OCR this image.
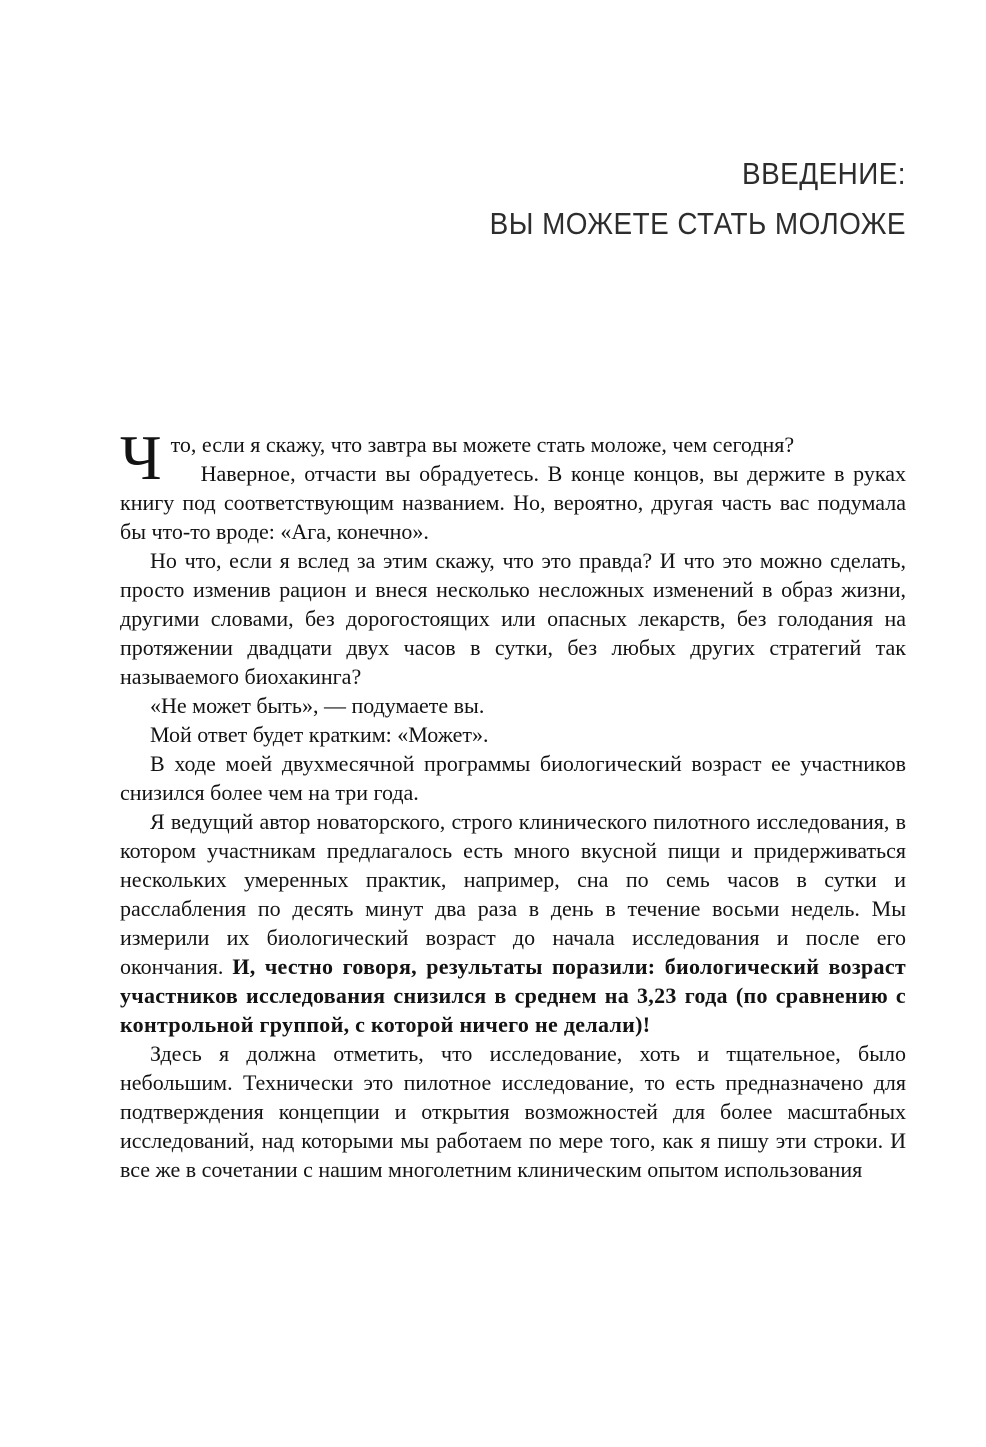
ВВЕДЕНИЕ:
ВЫ МОЖЕТЕ СТАТЬ МОЛОЖЕ

Что, если я скажу, что завтра вы можете стать моложе, чем сегодня?

Наверное, отчасти вы обрадуетесь. В конце концов, вы держите в руках книгу под соответствующим названием. Но, вероятно, другая часть вас подумала бы что-то вроде: «Ага, конечно».

Но что, если я вслед за этим скажу, что это правда? И что это можно сделать, просто изменив рацион и внеся несколько несложных изменений в образ жизни, другими словами, без дорогостоящих или опасных лекарств, без голодания на протяжении двадцати двух часов в сутки, без любых других стратегий так называемого биохакинга?

«Не может быть», — подумаете вы.

Мой ответ будет кратким: «Может».

В ходе моей двухмесячной программы биологический возраст ее участников снизился более чем на три года.

Я ведущий автор новаторского, строго клинического пилотного исследования, в котором участникам предлагалось есть много вкусной пищи и придерживаться нескольких умеренных практик, например, сна по семь часов в сутки и расслабления по десять минут два раза в день в течение восьми недель. Мы измерили их биологический возраст до начала исследования и после его окончания. И, честно говоря, результаты поразили: биологический возраст участников исследования снизился в среднем на 3,23 года (по сравнению с контрольной группой, с которой ничего не делали)!

Здесь я должна отметить, что исследование, хоть и тщательное, было небольшим. Технически это пилотное исследование, то есть предназначено для подтверждения концепции и открытия возможностей для более масштабных исследований, над которыми мы работаем по мере того, как я пишу эти строки. И все же в сочетании с нашим многолетним клиническим опытом использования
